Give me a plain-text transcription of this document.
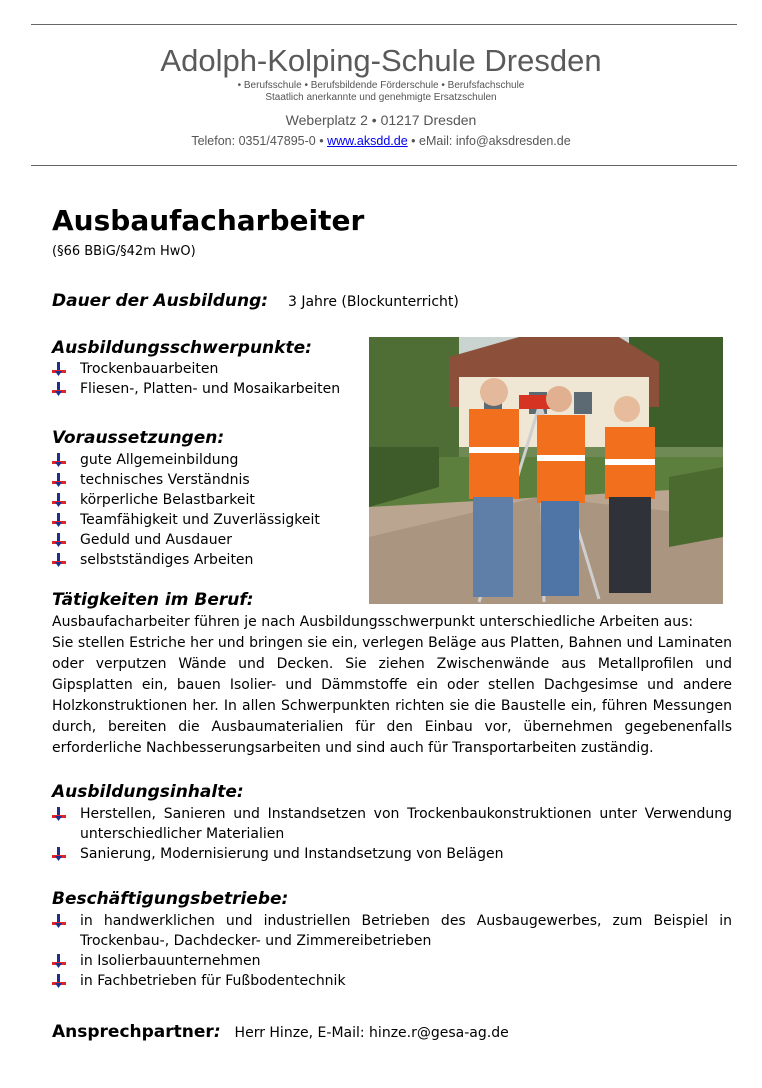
Adolph-Kolping-Schule Dresden
• Berufsschule • Berufsbildende Förderschule • Berufsfachschule
Staatlich anerkannte und genehmigte Ersatzschulen
Weberplatz 2 • 01217 Dresden
Telefon: 0351/47895-0 • www.aksdd.de • eMail: info@aksdresden.de
Ausbaufacharbeiter
(§66 BBiG/§42m HwO)
Dauer der Ausbildung: 3 Jahre (Blockunterricht)
Ausbildungsschwerpunkte:
Trockenbauarbeiten
Fliesen-, Platten- und Mosaikarbeiten
Voraussetzungen:
gute Allgemeinbildung
technisches Verständnis
körperliche Belastbarkeit
Teamfähigkeit und Zuverlässigkeit
Geduld und Ausdauer
selbstständiges Arbeiten
Tätigkeiten im Beruf:
Ausbaufacharbeiter führen je nach Ausbildungsschwerpunkt unterschiedliche Arbeiten aus:
Sie stellen Estriche her und bringen sie ein, verlegen Beläge aus Platten, Bahnen und Laminaten oder verputzen Wände und Decken. Sie ziehen Zwischenwände aus Metallprofilen und Gipsplatten ein, bauen Isolier- und Dämmstoffe ein oder stellen Dachgesimse und andere Holzkonstruktionen her. In allen Schwerpunkten richten sie die Baustelle ein, führen Messungen durch, bereiten die Ausbaumaterialien für den Einbau vor, übernehmen gegebenenfalls erforderliche Nachbesserungsarbeiten und sind auch für Transportarbeiten zuständig.
Ausbildungsinhalte:
Herstellen, Sanieren und Instandsetzen von Trockenbaukonstruktionen unter Verwendung unterschiedlicher Materialien
Sanierung, Modernisierung und Instandsetzung von Belägen
Beschäftigungsbetriebe:
in handwerklichen und industriellen Betrieben des Ausbaugewerbes, zum Beispiel in Trockenbau-, Dachdecker- und Zimmereibetrieben
in Isolierbauunternehmen
in Fachbetrieben für Fußbodentechnik
Ansprechpartner: Herr Hinze, E-Mail: hinze.r@gesa-ag.de
